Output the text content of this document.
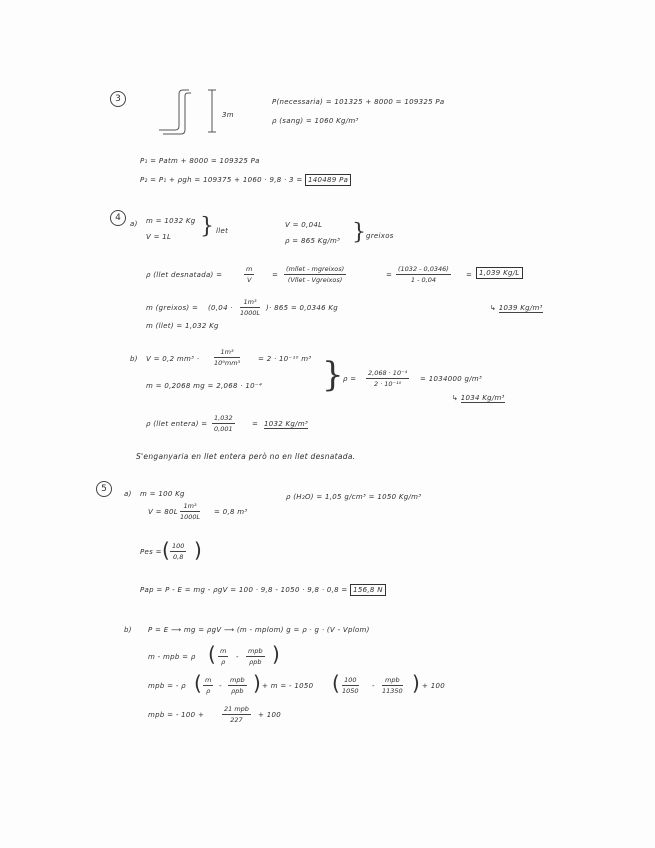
3
3m
P(necessaria) = 101325 + 8000 = 109325 Pa
ρ (sang) = 1060 Kg/m³
P₁ = Patm + 8000 = 109325 Pa
P₂ = P₁ + ρgh = 109375 + 1060 · 9,8 · 3 = 140489 Pa
4
a) m = 1032 Kg
V = 1L } llet
V = 0,04L
ρ = 865 Kg/m³ } greixos
ρ (llet desnatada) =	$\frac{m}{V}$	=
(mllet - mgreixos)
(Vllet - Vgreixos)
= $\frac{(1032 - 0,0346)}{1 - 0,04} = 1,039$ Kg/L
↳ 1039 Kg/m³
m (greixos) = ($0,04 \cdot \frac{\text{1m³}}{1000L}$ )· 865 = 0,0346 Kg
m (llet) = 1,032 Kg
b) V = 0,2 $mm^3 \cdot \frac{\text{1m³}}{\text{10⁹mm³}}$	= 2 · 10⁻¹⁰ m³
m = 0,2068 mg = 2,068 · 10⁻⁴ } $\rho = \frac{\text{2,068 · 10⁻⁴}}{\text{2 · 10⁻¹⁰}} = 1034000$ g/m³
↳ 1034 Kg/m³
ρ (llet entera) = $\frac{1,032}{0,001} = 1032$ Kg/m³
S'enganyaria en llet entera però no en llet desnatada.
5	a) m = 100 Kg	ρ (H₂O) = 1,05 g/cm³ = 1050 Kg/m³
V = 80L ·
$\frac{\text{1m³}}{1000L} = 0,8$ m³
Pes = ( $\frac{100}{0,8}$ )
Pap = P - E = mg - ρgV = 100 · 9,8 - 1050 · 9,8 · 0,8 = 156,8 N
b) P = E ⟶ mg = ρgV ⟶ (m - mplom) g = ρ · g · (V - Vplom)
m - mpb = ρ ( $\frac{m}{\rho}$ -
mpb
ρpb )
mpb = - ρ ( $\frac{m}{\rho}$ -
mpb
ρpb ) + m = - 1050 ( $\frac{100}{1050}$ -
mpb
11350 ) + 100
mpb = - 100 +
21 mpb
227
+ 100
